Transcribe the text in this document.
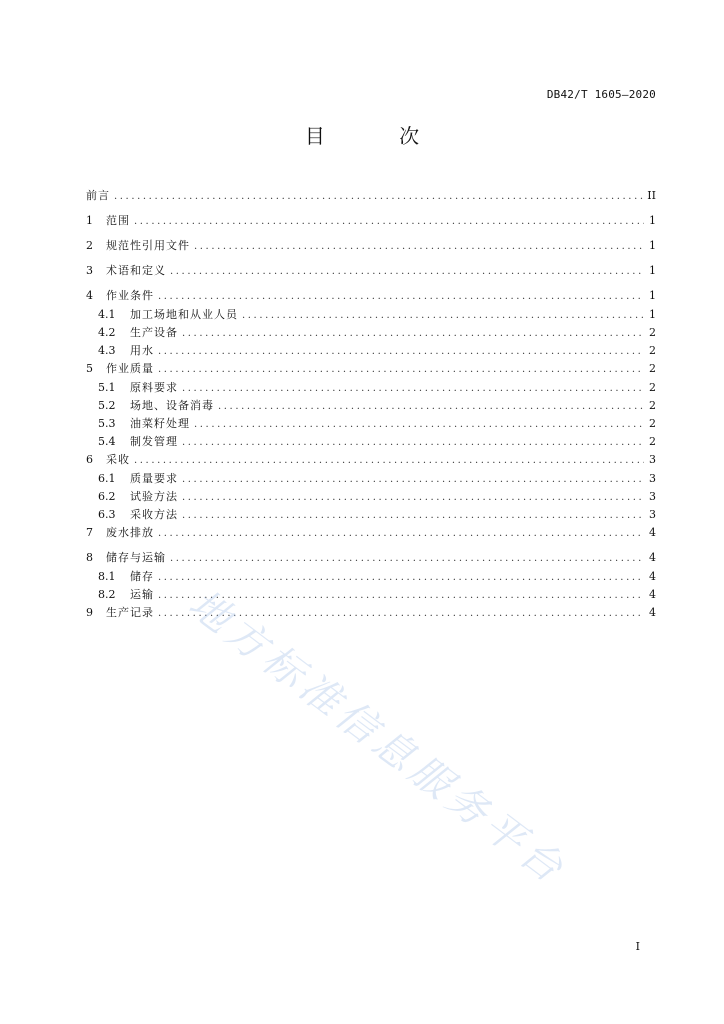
DB42/T 1605—2020
目 次
前言 .....	II
1	范围 .....	1
2	规范性引用文件 .....	1
3	术语和定义 .....	1
4	作业条件 .....	1
4.1	加工场地和从业人员 .....	1
4.2	生产设备 .....	2
4.3	用水 .....	2
5	作业质量 .....	2
5.1	原料要求 .....	2
5.2	场地、设备消毒 .....	2
5.3	油菜籽处理 .....	2
5.4	制发管理 .....	2
6	采收 .....	3
6.1	质量要求 .....	3
6.2	试验方法 .....	3
6.3	采收方法 .....	3
7	废水排放 .....	4
8	储存与运输 .....	4
8.1	储存 .....	4
8.2	运输 .....	4
9	生产记录 .....	4
地方标准信息服务平台
I
